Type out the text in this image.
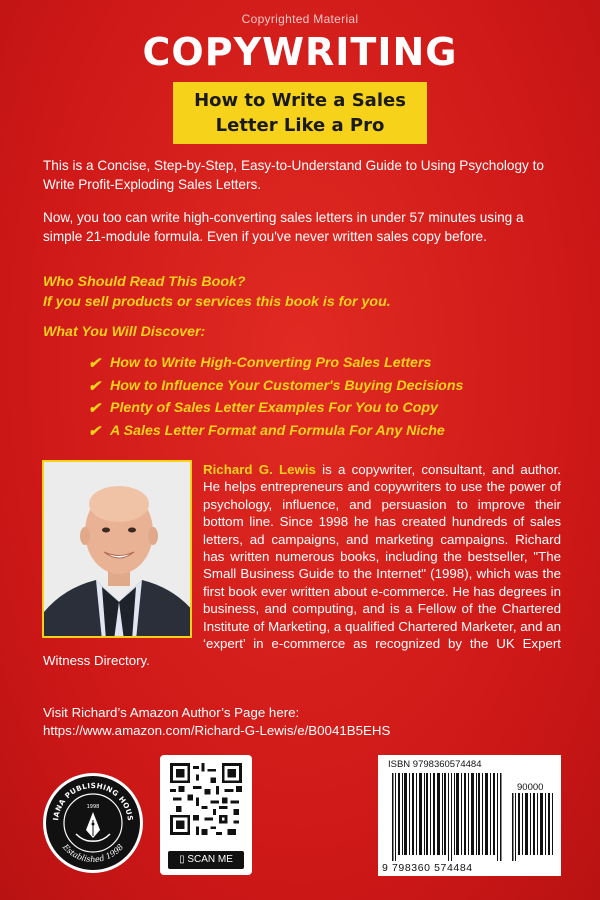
Copyrighted Material
COPYWRITING
How to Write a Sales
Letter Like a Pro

This is a Concise, Step-by-Step, Easy-to-Understand Guide to Using Psychology to Write Profit-Exploding Sales Letters.

Now, you too can write high-converting sales letters in under 57 minutes using a simple 21-module formula. Even if you've never written sales copy before.

Who Should Read This Book?
If you sell products or services this book is for you.
What You Will Discover:
✔ How to Write High-Converting Pro Sales Letters
✔ How to Influence Your Customer's Buying Decisions
✔ Plenty of Sales Letter Examples For You to Copy
✔ A Sales Letter Format and Formula For Any Niche
Richard G. Lewis is a copywriter, consultant, and author. He helps entrepreneurs and copywriters to use the power of psychology, influence, and persuasion to improve their bottom line. Since 1998 he has created hundreds of sales letters, ad campaigns, and marketing campaigns. Richard has written numerous books, including the bestseller, "The Small Business Guide to the Internet" (1998), which was the first book ever written about e-commerce. He has degrees in business, and computing, and is a Fellow of the Chartered Institute of Marketing, a qualified Chartered Marketer, and an ‘expert’ in e-commerce as recognized by the UK Expert Witness Directory.
Visit Richard’s Amazon Author’s Page here:
https://www.amazon.com/Richard-G-Lewis/e/B0041B5EHS
IANA PUBLISHING HOUS
Established 1998
1998
▯ SCAN ME
ISBN 9798360574484
90000
9 798360 574484
